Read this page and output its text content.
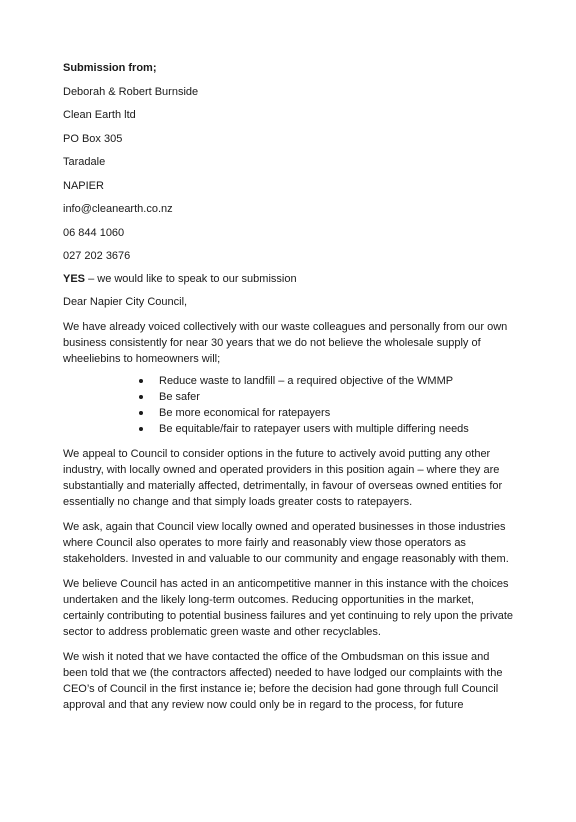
Submission from;

Deborah & Robert Burnside

Clean Earth ltd

PO Box 305

Taradale

NAPIER

info@cleanearth.co.nz

06 844 1060

027 202 3676

YES – we would like to speak to our submission

Dear Napier City Council,

We have already voiced collectively with our waste colleagues and personally from our own business consistently for near 30 years that we do not believe the wholesale supply of wheeliebins to homeowners will;

Reduce waste to landfill – a required objective of the WMMP
Be safer
Be more economical for ratepayers
Be equitable/fair to ratepayer users with multiple differing needs

We appeal to Council to consider options in the future to actively avoid putting any other industry, with locally owned and operated providers in this position again – where they are substantially and materially affected, detrimentally, in favour of overseas owned entities for essentially no change and that simply loads greater costs to ratepayers.

We ask, again that Council view locally owned and operated businesses in those industries where Council also operates to more fairly and reasonably view those operators as stakeholders. Invested in and valuable to our community and engage reasonably with them.

We believe Council has acted in an anticompetitive manner in this instance with the choices undertaken and the likely long-term outcomes. Reducing opportunities in the market, certainly contributing to potential business failures and yet continuing to rely upon the private sector to address problematic green waste and other recyclables.

We wish it noted that we have contacted the office of the Ombudsman on this issue and been told that we (the contractors affected) needed to have lodged our complaints with the CEO’s of Council in the first instance ie; before the decision had gone through full Council approval and that any review now could only be in regard to the process, for future
